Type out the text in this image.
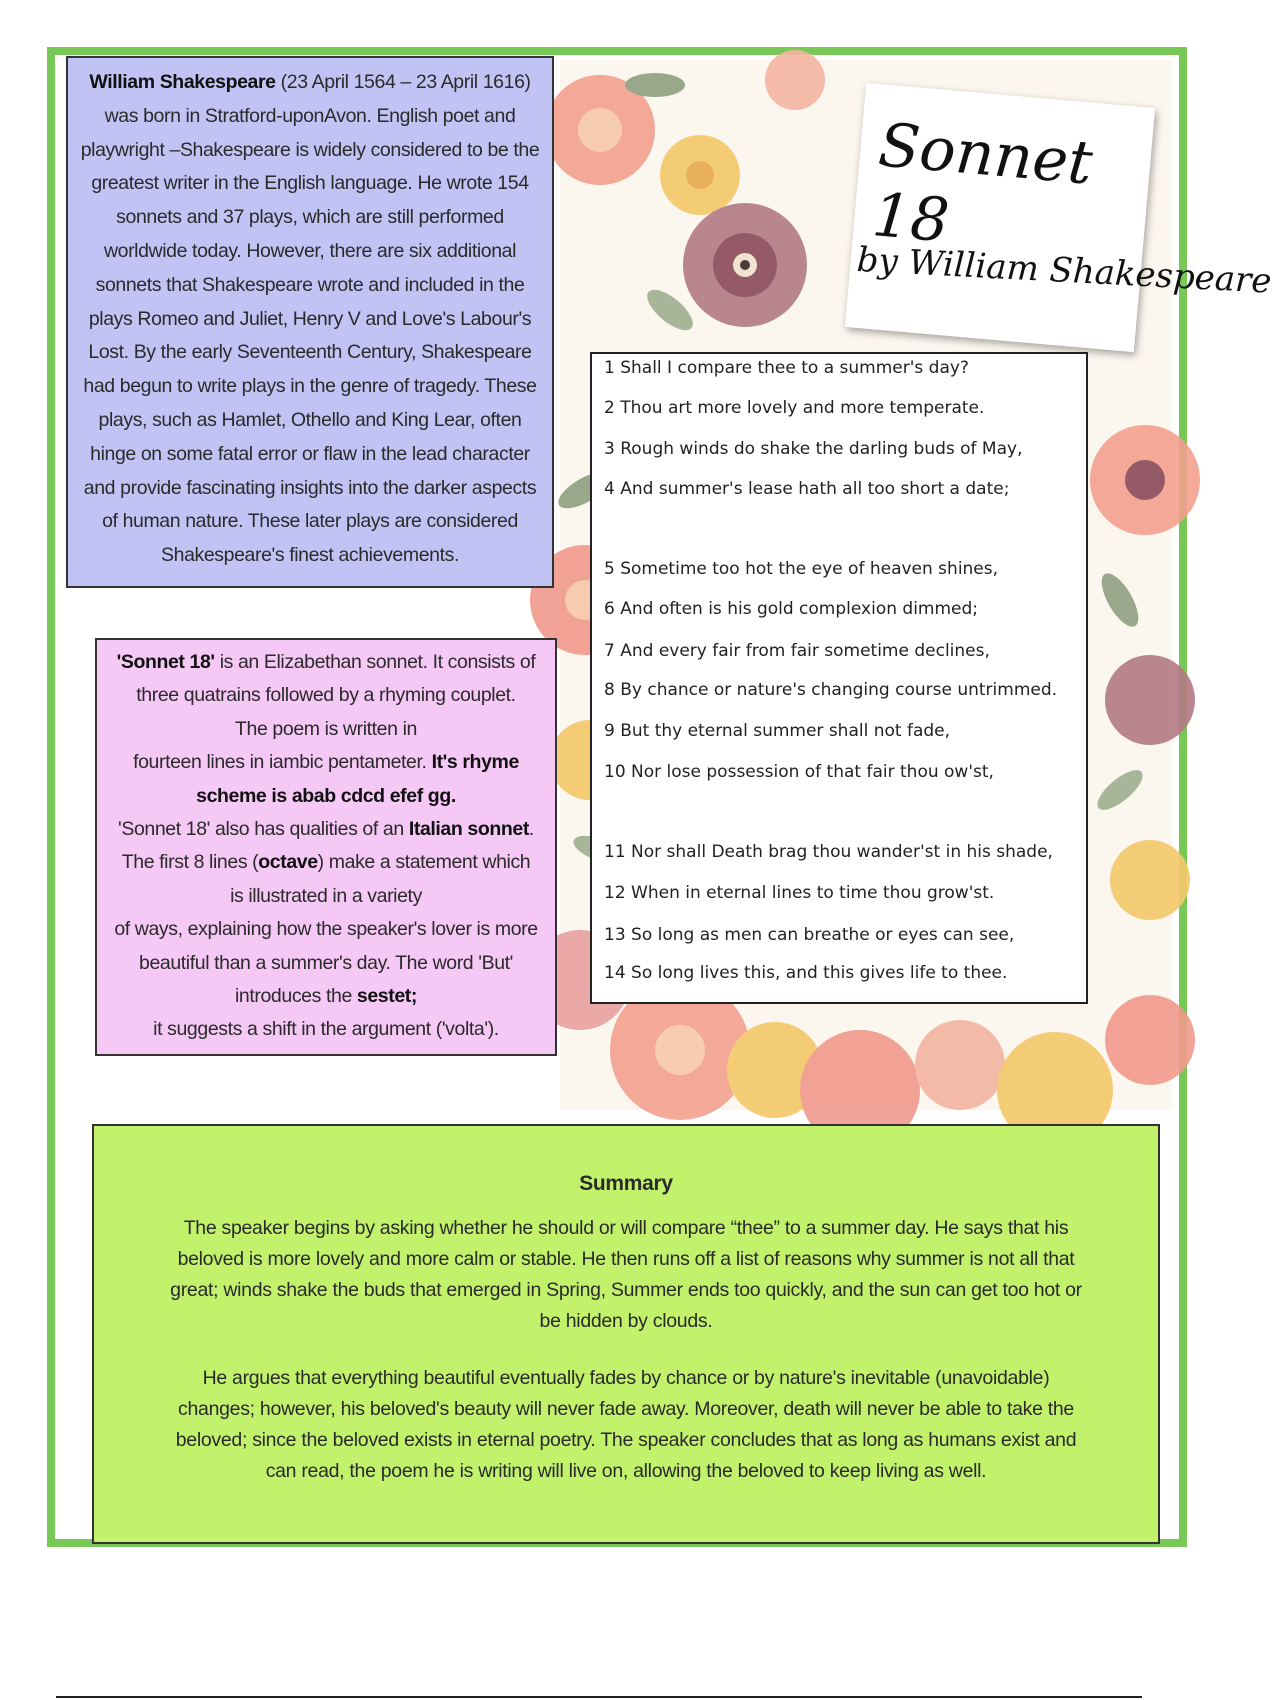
William Shakespeare (23 April 1564 – 23 April 1616) was born in Stratford-uponAvon. English poet and playwright –Shakespeare is widely considered to be the greatest writer in the English language. He wrote 154 sonnets and 37 plays, which are still performed worldwide today. However, there are six additional sonnets that Shakespeare wrote and included in the plays Romeo and Juliet, Henry V and Love's Labour's Lost. By the early Seventeenth Century, Shakespeare had begun to write plays in the genre of tragedy. These plays, such as Hamlet, Othello and King Lear, often hinge on some fatal error or flaw in the lead character and provide fascinating insights into the darker aspects of human nature. These later plays are considered Shakespeare's finest achievements.
Sonnet 18
by William Shakespeare
1 Shall I compare thee to a summer's day?
2 Thou art more lovely and more temperate.
3 Rough winds do shake the darling buds of May,
4 And summer's lease hath all too short a date;
5 Sometime too hot the eye of heaven shines,
6 And often is his gold complexion dimmed;
7 And every fair from fair sometime declines,
8 By chance or nature's changing course untrimmed.
9 But thy eternal summer shall not fade,
10 Nor lose possession of that fair thou ow'st,
11 Nor shall Death brag thou wander'st in his shade,
12 When in eternal lines to time thou grow'st.
13 So long as men can breathe or eyes can see,
14 So long lives this, and this gives life to thee.
'Sonnet 18' is an Elizabethan sonnet. It consists of three quatrains followed by a rhyming couplet.
The poem is written in
fourteen lines in iambic pentameter. It's rhyme scheme is abab cdcd efef gg.
'Sonnet 18' also has qualities of an Italian sonnet. The first 8 lines (octave) make a statement which
is illustrated in a variety
of ways, explaining how the speaker's lover is more beautiful than a summer's day. The word 'But' introduces the sestet;
it suggests a shift in the argument ('volta').
Summary

The speaker begins by asking whether he should or will compare “thee” to a summer day. He says that his beloved is more lovely and more calm or stable. He then runs off a list of reasons why summer is not all that great; winds shake the buds that emerged in Spring, Summer ends too quickly, and the sun can get too hot or be hidden by clouds.

He argues that everything beautiful eventually fades by chance or by nature's inevitable (unavoidable) changes; however, his beloved's beauty will never fade away. Moreover, death will never be able to take the beloved; since the beloved exists in eternal poetry. The speaker concludes that as long as humans exist and can read, the poem he is writing will live on, allowing the beloved to keep living as well.
